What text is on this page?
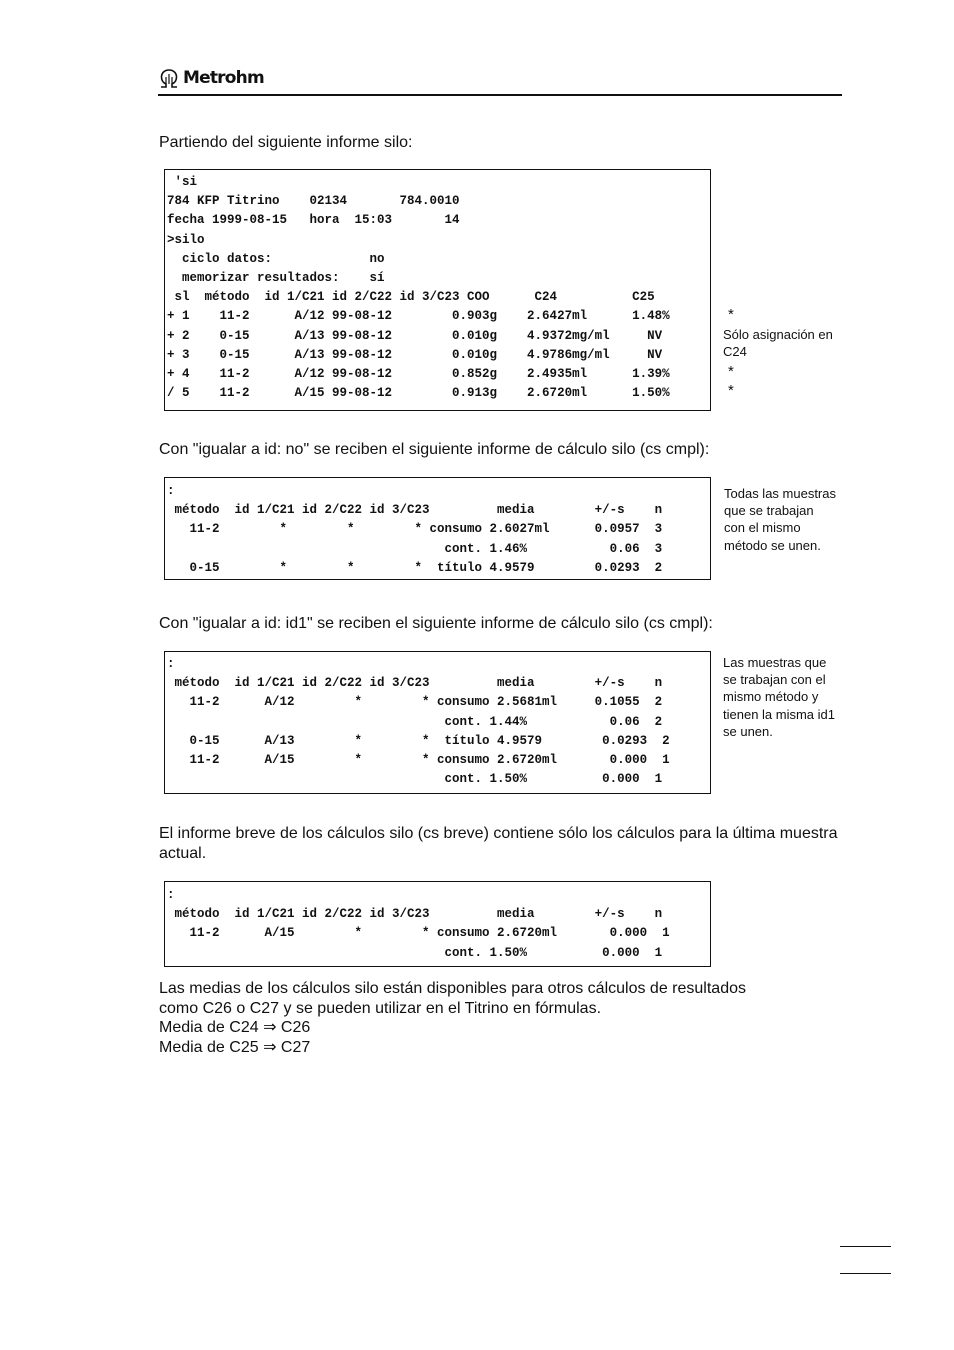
Metrohm
Partiendo del siguiente informe silo:
'si
784 KFP Titrino    02134       784.0010
fecha 1999-08-15   hora  15:03       14
>silo
ciclo datos:             no
memorizar resultados:    sí
sl  método  id 1/C21 id 2/C22 id 3/C23 COO      C24          C25
+ 1    11-2      A/12 99-08-12        0.903g    2.6427ml      1.48%
+ 2    0-15      A/13 99-08-12        0.010g    4.9372mg/ml     NV
+ 3    0-15      A/13 99-08-12        0.010g    4.9786mg/ml     NV
+ 4    11-2      A/12 99-08-12        0.852g    2.4935ml      1.39%
/ 5    11-2      A/15 99-08-12        0.913g    2.6720ml      1.50%
*
Sólo asignación en C24
*
*
Con "igualar a id: no" se reciben el siguiente informe de cálculo silo (cs cmpl):
:
método  id 1/C21 id 2/C22 id 3/C23         media        +/-s    n
11-2        *        *        * consumo 2.6027ml      0.0957  3
cont. 1.46%           0.06  3
0-15        *        *        *  título 4.9579        0.0293  2
Todas las muestras que se trabajan con el mismo método se unen.
Con "igualar a id: id1" se reciben el siguiente informe de cálculo silo (cs cmpl):
:
método  id 1/C21 id 2/C22 id 3/C23         media        +/-s    n
11-2      A/12        *        * consumo 2.5681ml     0.1055  2
cont. 1.44%           0.06  2
0-15      A/13        *        *  título 4.9579        0.0293  2
11-2      A/15        *        * consumo 2.6720ml       0.000  1
cont. 1.50%          0.000  1
Las muestras que se trabajan con el mismo método y tienen la misma id1 se unen.
El informe breve de los cálculos silo (cs breve) contiene sólo los cálculos para la última muestra actual.
:
método  id 1/C21 id 2/C22 id 3/C23         media        +/-s    n
11-2      A/15        *        * consumo 2.6720ml       0.000  1
cont. 1.50%          0.000  1
Las medias de los cálculos silo están disponibles para otros cálculos de resultados
como C26 o C27 y se pueden utilizar en el Titrino en fórmulas.
Media de C24 ⇒ C26
Media de C25 ⇒ C27
